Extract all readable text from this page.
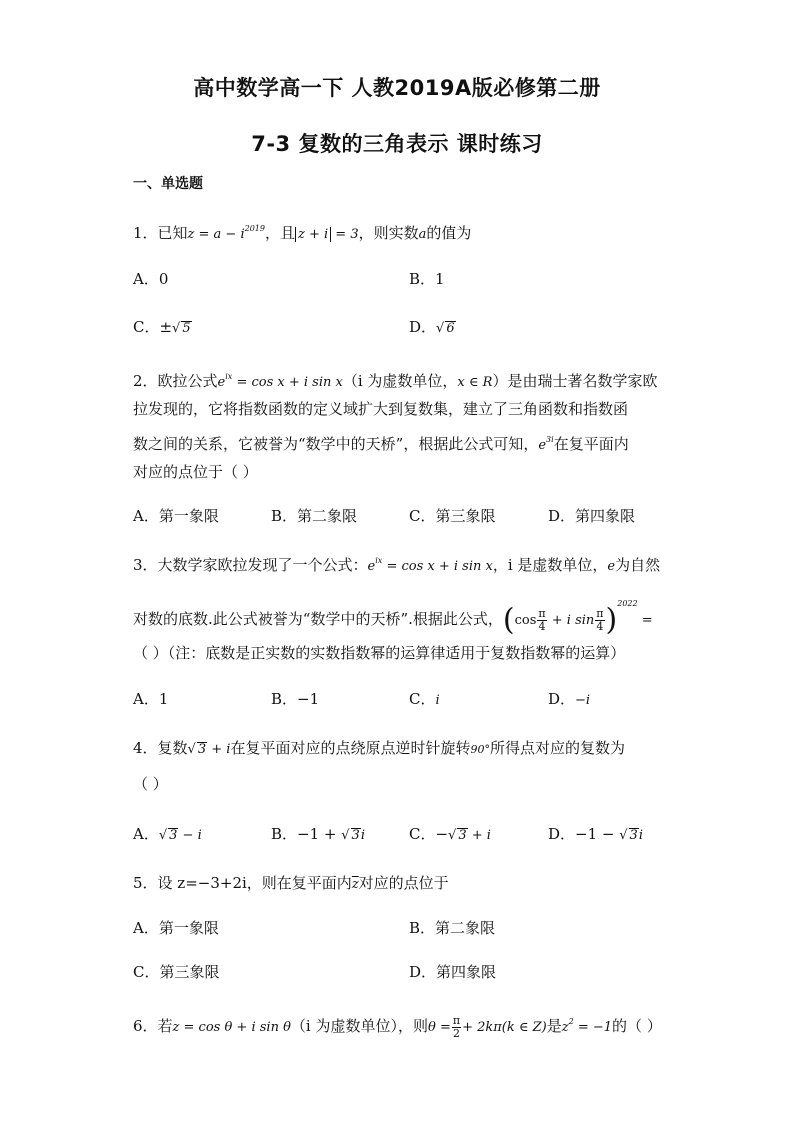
高中数学高一下 人教2019A版必修第二册
7-3 复数的三角表示 课时练习
一、单选题
1．已知$z = a - i^{2019}$，且 z + i = 3，则实数a的值为
A．0	B．1
C．±√ 5	D．√ 6
2．欧拉公式$e^{ix} = \cos x + i$ sin x（i 为虚数单位，x ∈ R）是由瑞士著名数学家欧
拉发现的，它将指数函数的定义域扩大到复数集，建立了三角函数和指数函
数之间的关系，它被誉为“数学中的天桥”，根据此公式可知，$e^{3i}$在复平面内
对应的点位于（ ）
A．第一象限	B．第二象限	C．第三象限	D．第四象限
3．大数学家欧拉发现了一个公式：$e^{ix} = \cos x + i$ sin x，i 是虚数单位，e为自然
对数的底数.此公式被誉为“数学中的天桥”.根据此公式，($\cos \frac{\pi}{4} + i$ $\sin \frac{\pi}{4} )^{2022}$ =
（ ）（注：底数是正实数的实数指数幂的运算律适用于复数指数幂的运算）
A．1	B．−1	C．i	D．−i
4．复数√ 3 + i在复平面对应的点绕原点逆时针旋转90°所得点对应的复数为
（ ）
A．√ 3 − i	B．−1 + √ 3i	C．−√ 3 + i	D．−1 − √ 3i
5．设 z=−3+2i，则在复平面内$\overline{z}$对应的点位于
A．第一象限	B．第二象限
C．第三象限	D．第四象限
6．若z = cos θ + i sin θ（i 为虚数单位），则$\theta = \frac{\pi}{2} + 2k\pi(k$ ∈ Z)是$z^2 = -1$的（ ）
